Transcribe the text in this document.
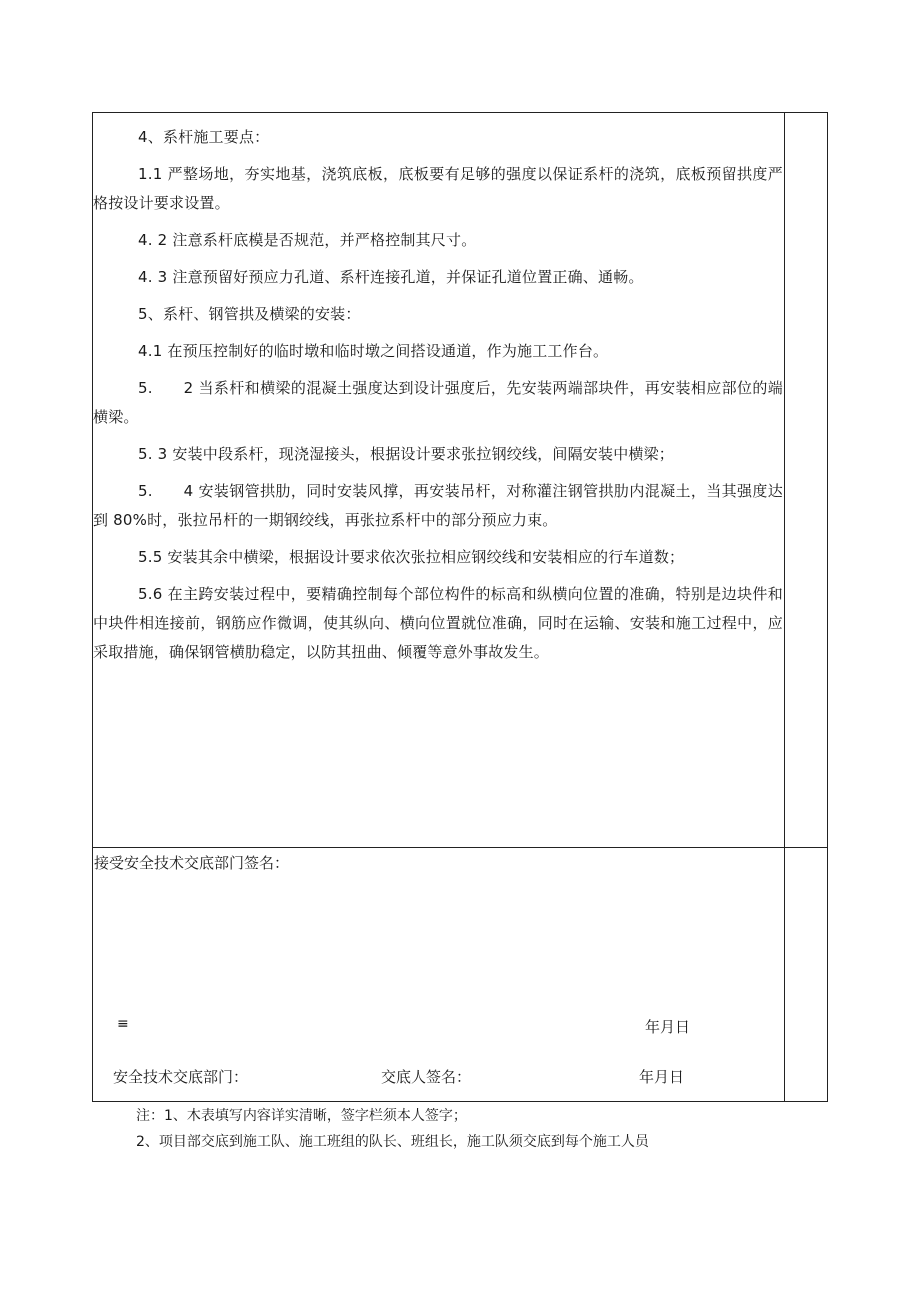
4、系杆施工要点：

1.1 严整场地，夯实地基，浇筑底板，底板要有足够的强度以保证系杆的浇筑，底板预留拱度严格按设计要求设置。

4. 2 注意系杆底模是否规范，并严格控制其尺寸。

4. 3 注意预留好预应力孔道、系杆连接孔道，并保证孔道位置正确、通畅。

5、系杆、钢管拱及横梁的安装：

4.1 在预压控制好的临时墩和临时墩之间搭设通道，作为施工工作台。

5.      2 当系杆和横梁的混凝土强度达到设计强度后，先安装两端部块件，再安装相应部位的端横梁。

5. 3 安装中段系杆，现浇湿接头，根据设计要求张拉钢绞线，间隔安装中横梁；

5.      4 安装钢管拱肋，同时安装风撑，再安装吊杆，对称灌注钢管拱肋内混凝土，当其强度达到 80%时，张拉吊杆的一期钢绞线，再张拉系杆中的部分预应力束。

5.5 安装其余中横梁，根据设计要求依次张拉相应钢绞线和安装相应的行车道数；

5.6 在主跨安装过程中，要精确控制每个部位构件的标高和纵横向位置的准确，特别是边块件和中块件相连接前，钢筋应作微调，使其纵向、横向位置就位准确，同时在运输、安装和施工过程中，应采取措施，确保钢管横肋稳定，以防其扭曲、倾覆等意外事故发生。

接受安全技术交底部门签名：
≡	年月日
安全技术交底部门：	交底人签名：	年月日
注：1、木表填写内容详实清晰，签字栏须本人签字；
2、项目部交底到施工队、施工班组的队长、班组长，施工队须交底到每个施工人员
